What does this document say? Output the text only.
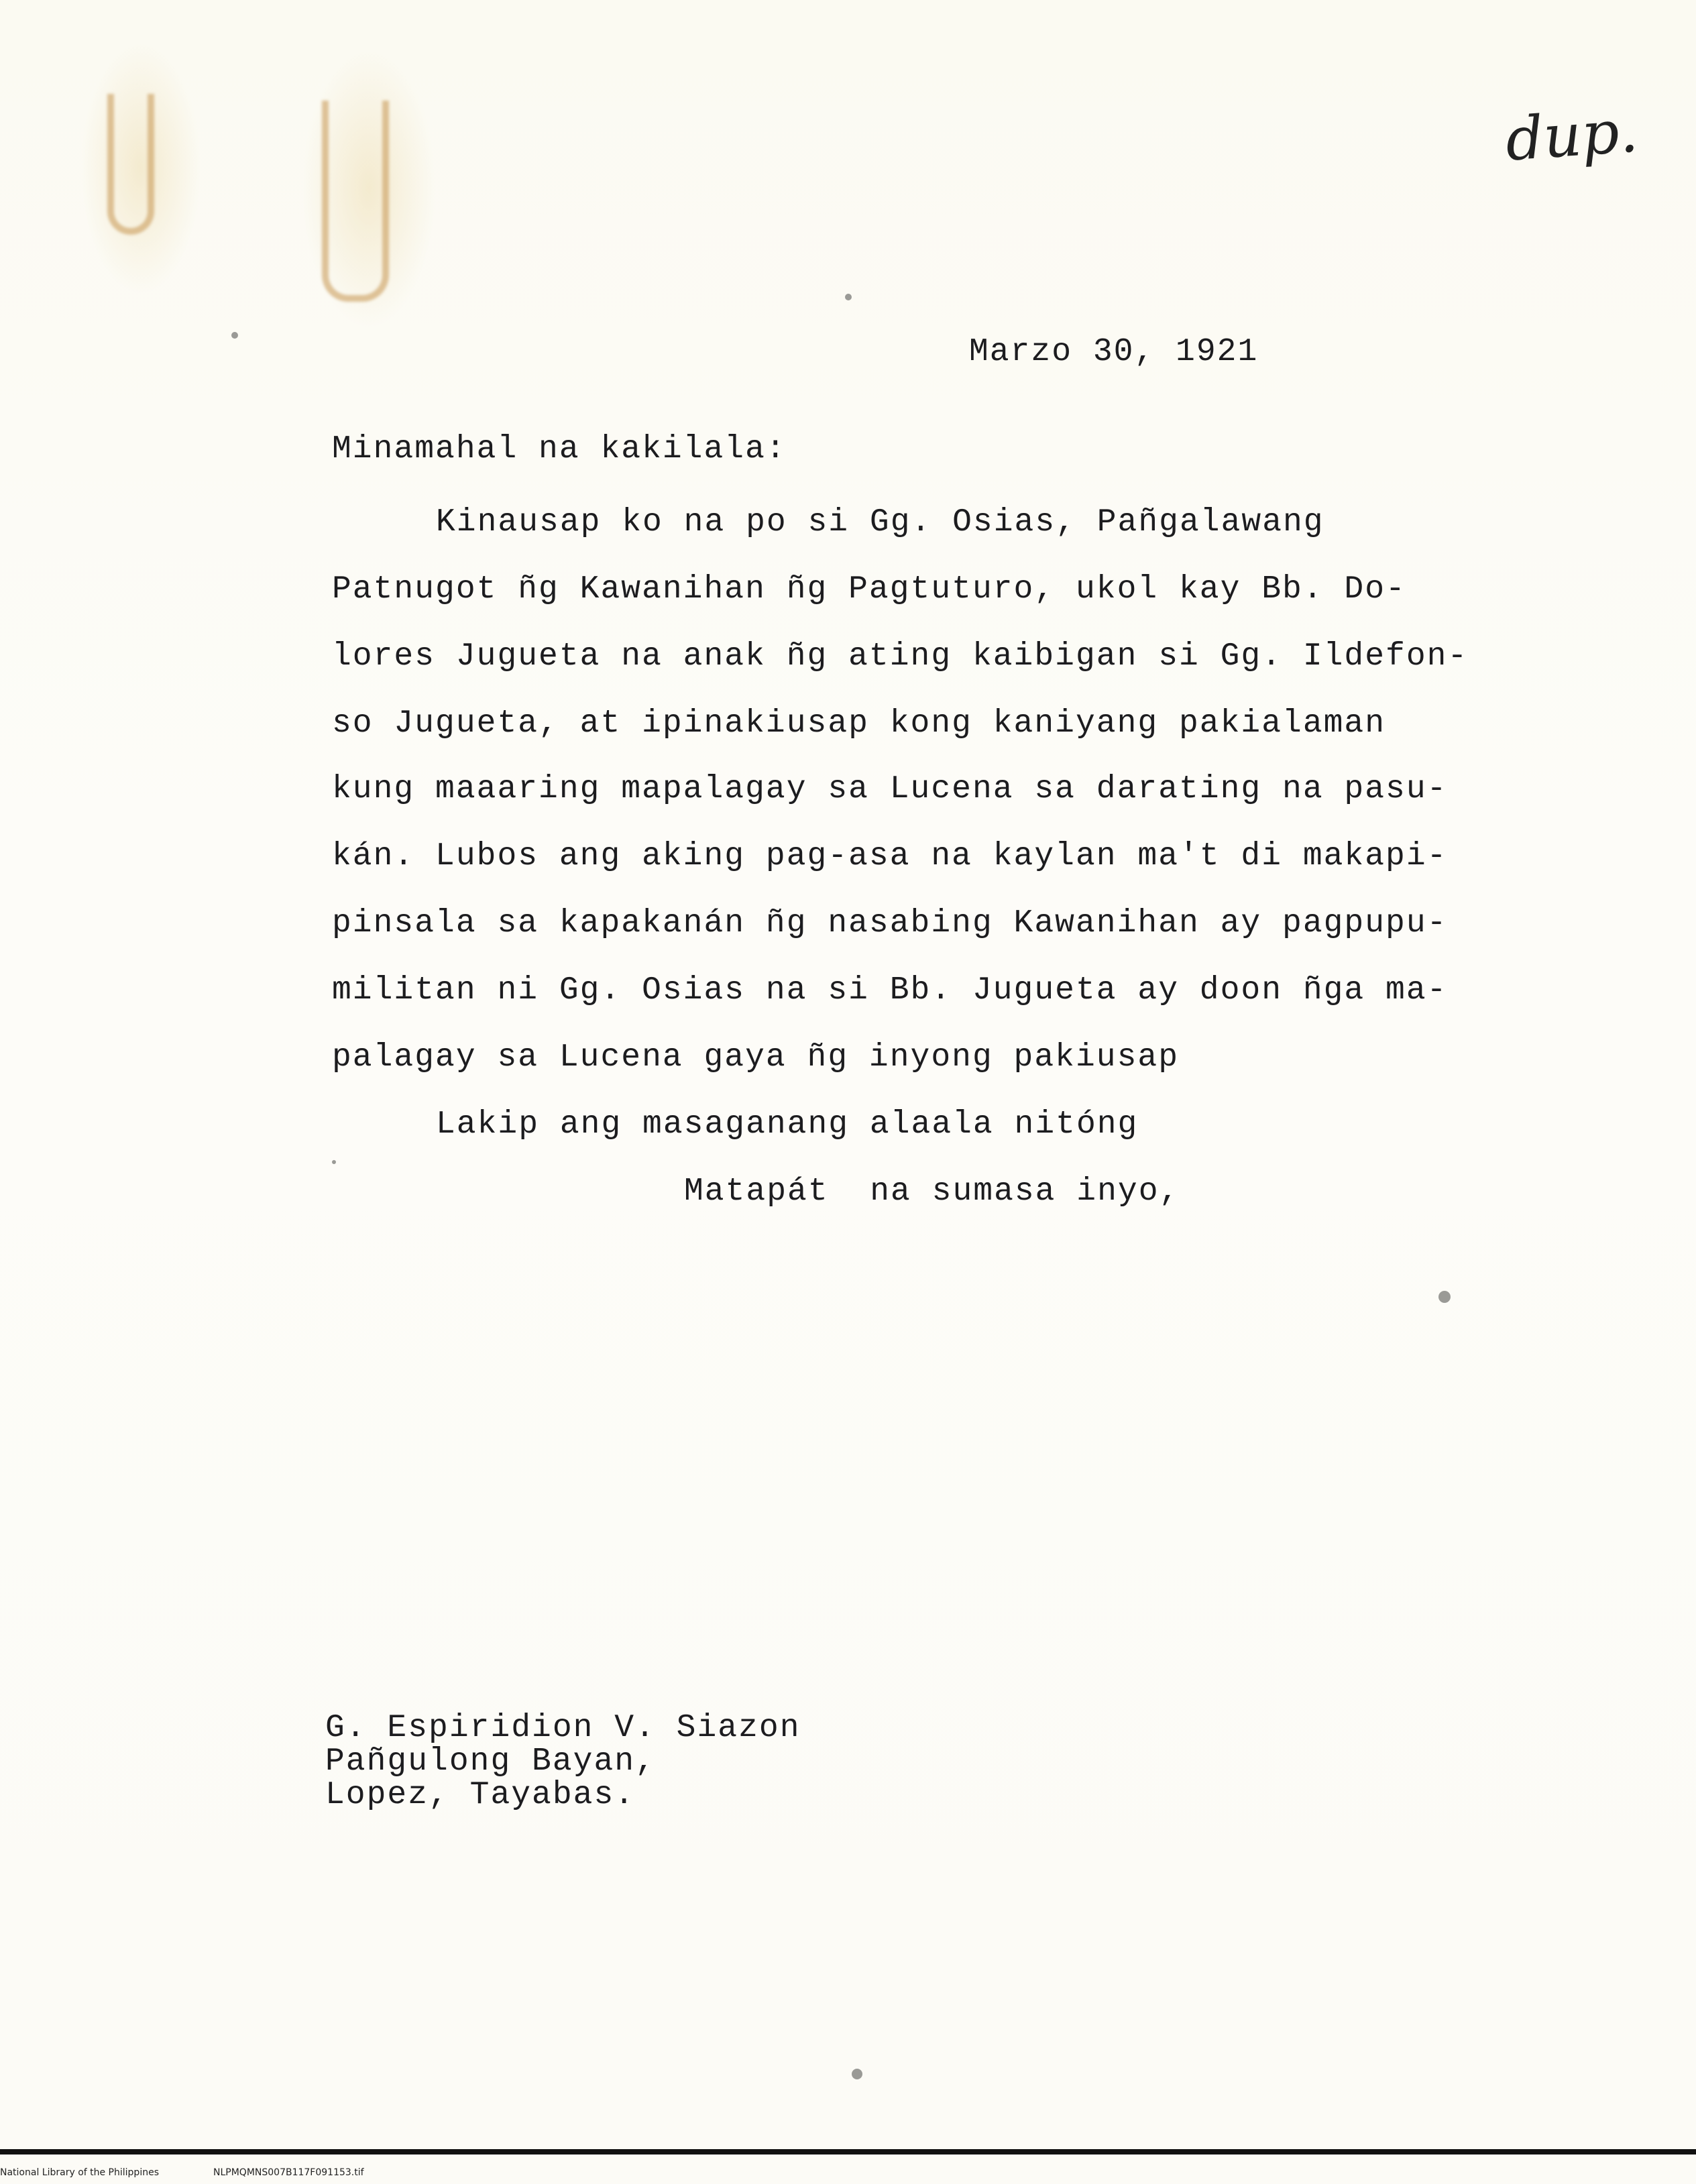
dup.

Marzo 30, 1921

Minamahal na kakilala:

Kinausap ko na po si Gg. Osias, Pañgalawang

Patnugot ñg Kawanihan ñg Pagtuturo, ukol kay Bb. Do-

lores Jugueta na anak ñg ating kaibigan si Gg. Ildefon-

so Jugueta, at ipinakiusap kong kaniyang pakialaman

kung maaaring mapalagay sa Lucena sa darating na pasu-

kán. Lubos ang aking pag-asa na kaylan ma't di makapi-

pinsala sa kapakanán ñg nasabing Kawanihan ay pagpupu-

militan ni Gg. Osias na si Bb. Jugueta ay doon ñga ma-

palagay sa Lucena gaya ñg inyong pakiusap

Lakip ang masaganang alaala nitóng

Matapát  na sumasa inyo,

G. Espiridion V. Siazon

Pañgulong Bayan,

Lopez, Tayabas.

National Library of the Philippines	NLPMQMNS007B117F091153.tif
